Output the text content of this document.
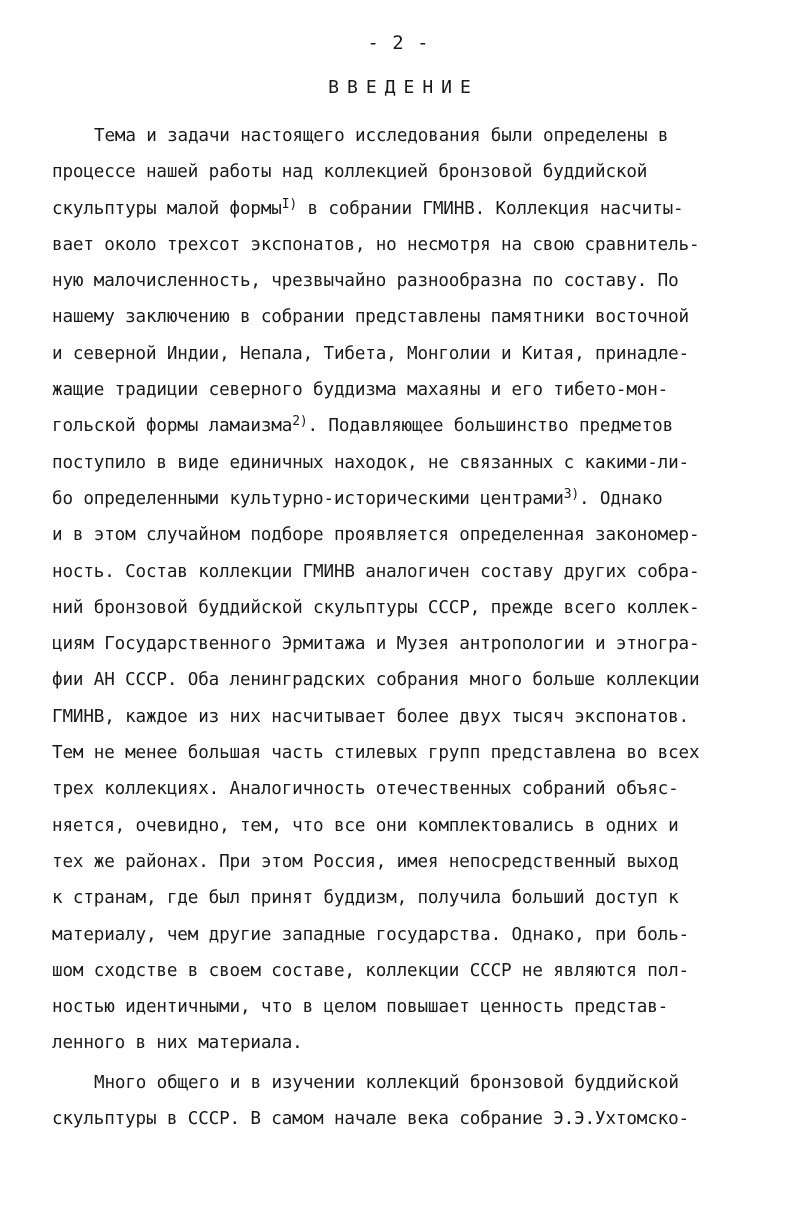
- 2 -
ВВЕДЕНИЕ
Тема и задачи настоящего исследования были определены в
процессе нашей работы над коллекцией бронзовой буддийской
скульптуры малой формы$^{I)}$ в собрании ГМИНВ. Коллекция насчиты-
вает около трехсот экспонатов, но несмотря на свою сравнитель-
ную малочисленность, чрезвычайно разнообразна по составу. По
нашему заключению в собрании представлены памятники восточной
и северной Индии, Непала, Тибета, Монголии и Китая, принадле-
жащие традиции северного буддизма махаяны и его тибето-мон-
гольской формы ламаизма$^{2)}$. Подавляющее большинство предметов
поступило в виде единичных находок, не связанных с какими-ли-
бо определенными культурно-историческими центрами$^{3)}$. Однако
и в этом случайном подборе проявляется определенная закономер-
ность. Состав коллекции ГМИНВ аналогичен составу других собра-
ний бронзовой буддийской скульптуры СССР, прежде всего коллек-
циям Государственного Эрмитажа и Музея антропологии и этногра-
фии АН СССР. Оба ленинградских собрания много больше коллекции
ГМИНВ, каждое из них насчитывает более двух тысяч экспонатов.
Тем не менее большая часть стилевых групп представлена во всех
трех коллекциях. Аналогичность отечественных собраний объяс-
няется, очевидно, тем, что все они комплектовались в одних и
тех же районах. При этом Россия, имея непосредственный выход
к странам, где был принят буддизм, получила больший доступ к
материалу, чем другие западные государства. Однако, при боль-
шом сходстве в своем составе, коллекции СССР не являются пол-
ностью идентичными, что в целом повышает ценность представ-
ленного в них материала.
Много общего и в изучении коллекций бронзовой буддийской
скульптуры в СССР. В самом начале века собрание Э.Э.Ухтомско-
